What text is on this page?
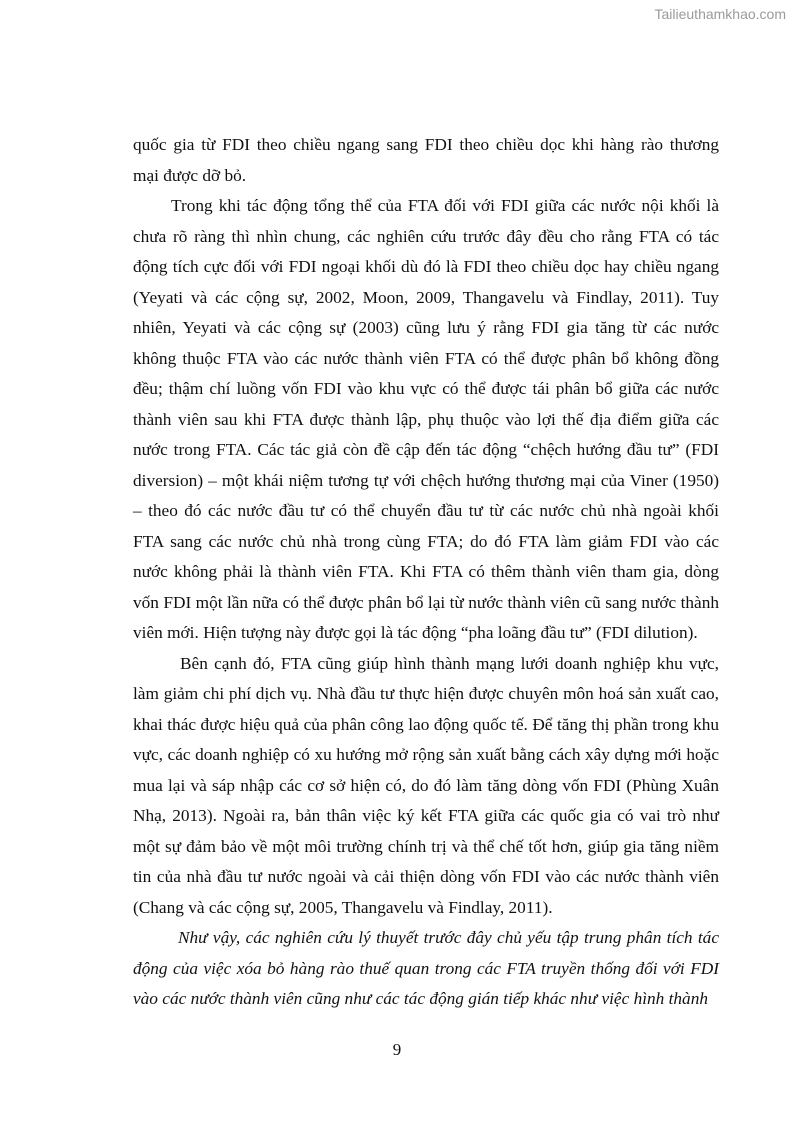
Tailieuthamkhao.com
quốc gia từ FDI theo chiều ngang sang FDI theo chiều dọc khi hàng rào thương
mại được dỡ bỏ.
Trong khi tác động tổng thể của FTA đối với FDI giữa các nước nội khối là
chưa rõ ràng thì nhìn chung, các nghiên cứu trước đây đều cho rằng FTA có tác
động tích cực đối với FDI ngoại khối dù đó là FDI theo chiều dọc hay chiều ngang
(Yeyati và các cộng sự, 2002, Moon, 2009, Thangavelu và Findlay, 2011). Tuy
nhiên, Yeyati và các cộng sự (2003) cũng lưu ý rằng FDI gia tăng từ các nước
không thuộc FTA vào các nước thành viên FTA có thể được phân bổ không đồng
đều; thậm chí luồng vốn FDI vào khu vực có thể được tái phân bổ giữa các nước
thành viên sau khi FTA được thành lập, phụ thuộc vào lợi thế địa điểm giữa các
nước trong FTA. Các tác giả còn đề cập đến tác động “chệch hướng đầu tư” (FDI
diversion) – một khái niệm tương tự với chệch hướng thương mại của Viner (1950)
– theo đó các nước đầu tư có thể chuyển đầu tư từ các nước chủ nhà ngoài khối
FTA sang các nước chủ nhà trong cùng FTA; do đó FTA làm giảm FDI vào các
nước không phải là thành viên FTA. Khi FTA có thêm thành viên tham gia, dòng
vốn FDI một lần nữa có thể được phân bổ lại từ nước thành viên cũ sang nước thành
viên mới. Hiện tượng này được gọi là tác động “pha loãng đầu tư” (FDI dilution).
Bên cạnh đó, FTA cũng giúp hình thành mạng lưới doanh nghiệp khu vực,
làm giảm chi phí dịch vụ. Nhà đầu tư thực hiện được chuyên môn hoá sản xuất cao,
khai thác được hiệu quả của phân công lao động quốc tế. Để tăng thị phần trong khu
vực, các doanh nghiệp có xu hướng mở rộng sản xuất bằng cách xây dựng mới hoặc
mua lại và sáp nhập các cơ sở hiện có, do đó làm tăng dòng vốn FDI (Phùng Xuân
Nhạ, 2013). Ngoài ra, bản thân việc ký kết FTA giữa các quốc gia có vai trò như
một sự đảm bảo về một môi trường chính trị và thể chế tốt hơn, giúp gia tăng niềm
tin của nhà đầu tư nước ngoài và cải thiện dòng vốn FDI vào các nước thành viên
(Chang và các cộng sự, 2005, Thangavelu và Findlay, 2011).
Như vậy, các nghiên cứu lý thuyết trước đây chủ yếu tập trung phân tích tác
động của việc xóa bỏ hàng rào thuế quan trong các FTA truyền thống đối với FDI
vào các nước thành viên cũng như các tác động gián tiếp khác như việc hình thành
9
